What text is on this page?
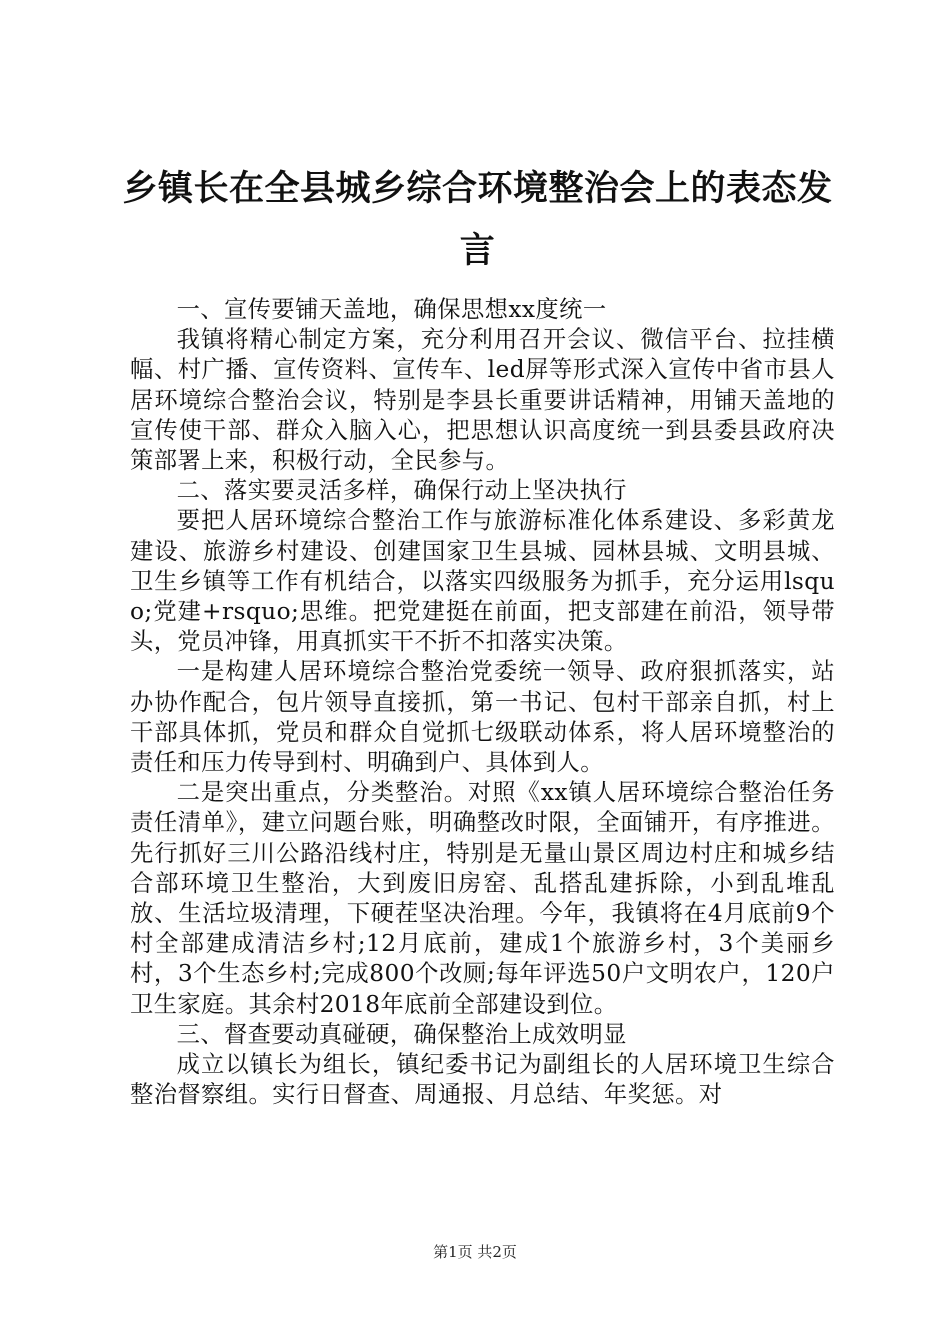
乡镇长在全县城乡综合环境整治会上的表态发言

一、宣传要铺天盖地，确保思想xx度统一

我镇将精心制定方案，充分利用召开会议、微信平台、拉挂横幅、村广播、宣传资料、宣传车、led屏等形式深入宣传中省市县人居环境综合整治会议，特别是李县长重要讲话精神，用铺天盖地的宣传使干部、群众入脑入心，把思想认识高度统一到县委县政府决策部署上来，积极行动，全民参与。

二、落实要灵活多样，确保行动上坚决执行

要把人居环境综合整治工作与旅游标准化体系建设、多彩黄龙建设、旅游乡村建设、创建国家卫生县城、园林县城、文明县城、卫生乡镇等工作有机结合，以落实四级服务为抓手，充分运用lsquo;党建+rsquo;思维。把党建挺在前面，把支部建在前沿，领导带头，党员冲锋，用真抓实干不折不扣落实决策。

一是构建人居环境综合整治党委统一领导、政府狠抓落实，站办协作配合，包片领导直接抓，第一书记、包村干部亲自抓，村上干部具体抓，党员和群众自觉抓七级联动体系，将人居环境整治的责任和压力传导到村、明确到户、具体到人。

二是突出重点，分类整治。对照《xx镇人居环境综合整治任务责任清单》，建立问题台账，明确整改时限，全面铺开，有序推进。先行抓好三川公路沿线村庄，特别是无量山景区周边村庄和城乡结合部环境卫生整治，大到废旧房窑、乱搭乱建拆除，小到乱堆乱放、生活垃圾清理，下硬茬坚决治理。今年，我镇将在4月底前9个村全部建成清洁乡村;12月底前，建成1个旅游乡村，3个美丽乡村，3个生态乡村;完成800个改厕;每年评选50户文明农户，120户卫生家庭。其余村2018年底前全部建设到位。

三、督查要动真碰硬，确保整治上成效明显

成立以镇长为组长，镇纪委书记为副组长的人居环境卫生综合整治督察组。实行日督查、周通报、月总结、年奖惩。对

第1页 共2页
